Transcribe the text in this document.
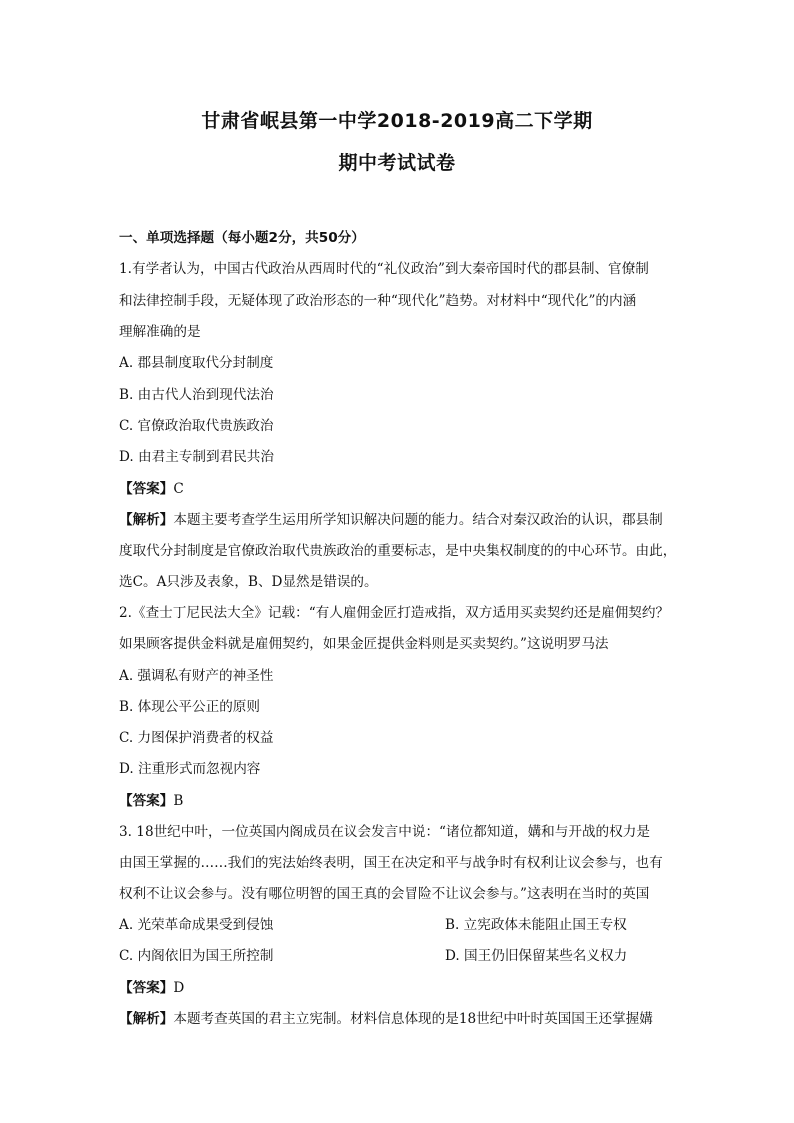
甘肃省岷县第一中学2018-2019高二下学期
期中考试试卷
一、单项选择题（每小题2分，共50分）
1.有学者认为，中国古代政治从西周时代的“礼仪政治”到大秦帝国时代的郡县制、官僚制
和法律控制手段，无疑体现了政治形态的一种“现代化”趋势。对材料中“现代化”的内涵
理解准确的是
A. 郡县制度取代分封制度
B. 由古代人治到现代法治
C. 官僚政治取代贵族政治
D. 由君主专制到君民共治
【答案】C
【解析】本题主要考查学生运用所学知识解决问题的能力。结合对秦汉政治的认识，郡县制
度取代分封制度是官僚政治取代贵族政治的重要标志，是中央集权制度的的中心环节。由此，
选C。A只涉及表象，B、D显然是错误的。
2.《查士丁尼民法大全》记载：“有人雇佣金匠打造戒指，双方适用买卖契约还是雇佣契约？
如果顾客提供金料就是雇佣契约，如果金匠提供金料则是买卖契约。”这说明罗马法
A. 强调私有财产的神圣性
B. 体现公平公正的原则
C. 力图保护消费者的权益
D. 注重形式而忽视内容
【答案】B
3. 18世纪中叶，一位英国内阁成员在议会发言中说：“诸位都知道，媾和与开战的权力是
由国王掌握的……我们的宪法始终表明，国王在决定和平与战争时有权利让议会参与，也有
权利不让议会参与。没有哪位明智的国王真的会冒险不让议会参与。”这表明在当时的英国
A. 光荣革命成果受到侵蚀	B. 立宪政体未能阻止国王专权
C. 内阁依旧为国王所控制	D. 国王仍旧保留某些名义权力
【答案】D
【解析】本题考查英国的君主立宪制。材料信息体现的是18世纪中叶时英国国王还掌握媾
